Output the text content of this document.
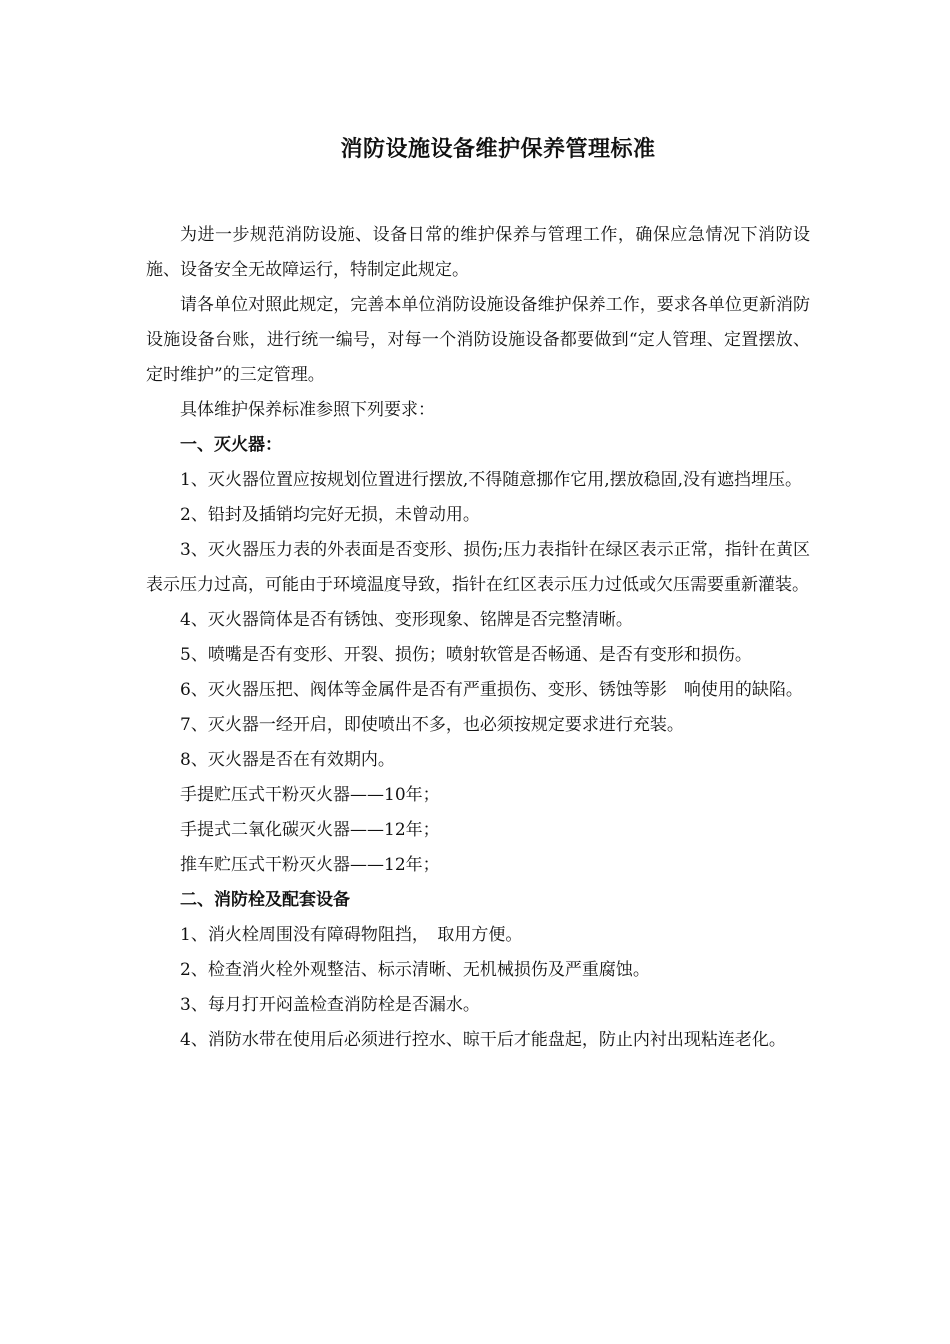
消防设施设备维护保养管理标准

为进一步规范消防设施、设备日常的维护保养与管理工作，确保应急情况下消防设施、设备安全无故障运行，特制定此规定。

请各单位对照此规定，完善本单位消防设施设备维护保养工作，要求各单位更新消防设施设备台账，进行统一编号，对每一个消防设施设备都要做到“定人管理、定置摆放、定时维护”的三定管理。

具体维护保养标准参照下列要求：

一、灭火器：

1、灭火器位置应按规划位置进行摆放,不得随意挪作它用,摆放稳固,没有遮挡埋压。

2、铅封及插销均完好无损，未曾动用。

3、灭火器压力表的外表面是否变形、损伤;压力表指针在绿区表示正常，指针在黄区表示压力过高，可能由于环境温度导致，指针在红区表示压力过低或欠压需要重新灌装。

4、灭火器筒体是否有锈蚀、变形现象、铭牌是否完整清晰。

5、喷嘴是否有变形、开裂、损伤；喷射软管是否畅通、是否有变形和损伤。

6、灭火器压把、阀体等金属件是否有严重损伤、变形、锈蚀等影　响使用的缺陷。

7、灭火器一经开启，即使喷出不多，也必须按规定要求进行充装。

8、灭火器是否在有效期内。

手提贮压式干粉灭火器——10年；

手提式二氧化碳灭火器——12年；

推车贮压式干粉灭火器——12年；

二、消防栓及配套设备

1、消火栓周围没有障碍物阻挡，　取用方便。

2、检查消火栓外观整洁、标示清晰、无机械损伤及严重腐蚀。

3、每月打开闷盖检查消防栓是否漏水。

4、消防水带在使用后必须进行控水、晾干后才能盘起，防止内衬出现粘连老化。
